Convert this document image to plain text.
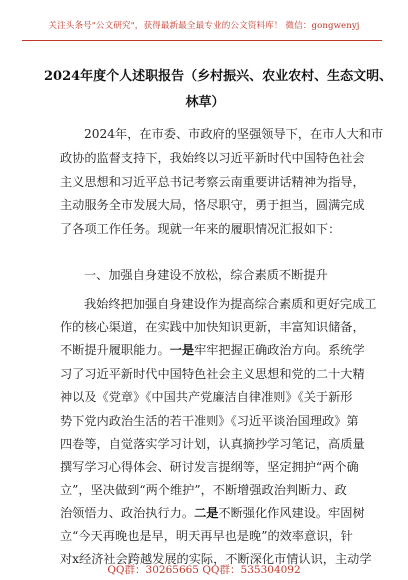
关注头条号"公文研究"，获得最新最全最专业的公文资料库！ 微信：gongwenyj
2024年度个人述职报告（乡村振兴、农业农村、生态文明、
林草）
2024年，在市委、市政府的坚强领导下，在市人大和市
政协的监督支持下，我始终以习近平新时代中国特色社会
主义思想和习近平总书记考察云南重要讲话精神为指导，
主动服务全市发展大局，恪尽职守，勇于担当，圆满完成
了各项工作任务。现就一年来的履职情况汇报如下：
一、加强自身建设不放松，综合素质不断提升
我始终把加强自身建设作为提高综合素质和更好完成工
作的核心渠道，在实践中加快知识更新，丰富知识储备，
不断提升履职能力。一是牢牢把握正确政治方向。系统学
习了习近平新时代中国特色社会主义思想和党的二十大精
神以及《党章》《中国共产党廉洁自律准则》《关于新形
势下党内政治生活的若干准则》《习近平谈治国理政》第
四卷等，自觉落实学习计划，认真摘抄学习笔记，高质量
撰写学习心得体会、研讨发言提纲等，坚定拥护“两个确
立”，坚决做到“两个维护”，不断增强政治判断力、政
治领悟力、政治执行力。二是不断强化作风建设。牢固树
立“今天再晚也是早，明天再早也是晚”的效率意识，针
对x经济社会跨越发展的实际，不断深化市情认识，主动学
QQ群：30265665 QQ群：535304092
